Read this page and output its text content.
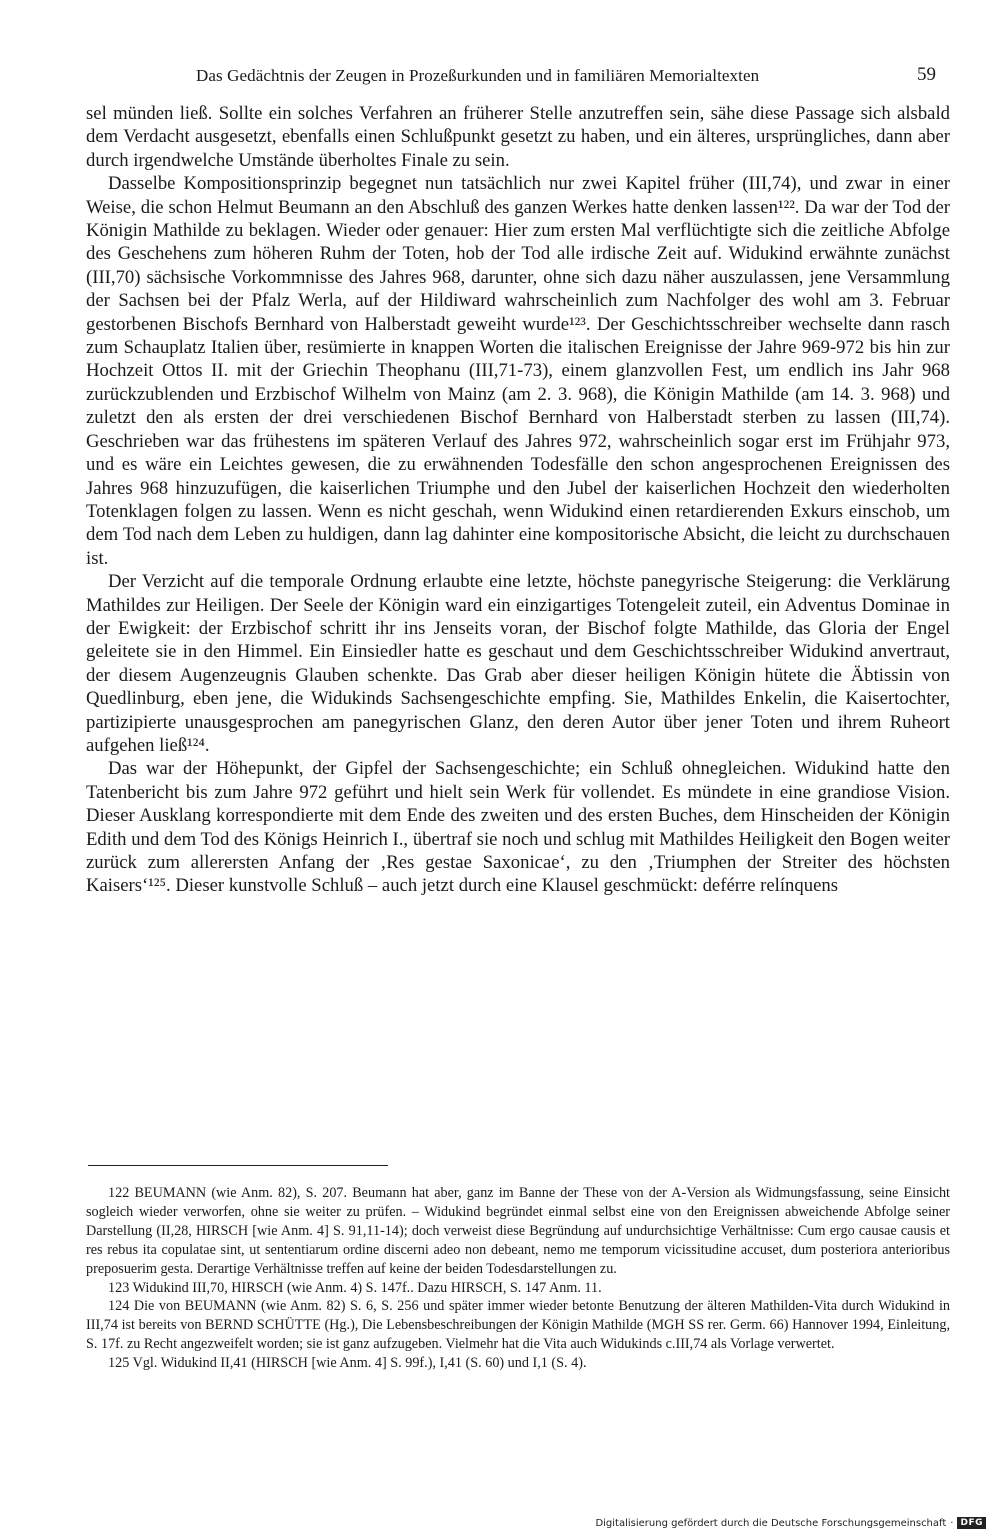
Das Gedächtnis der Zeugen in Prozeßurkunden und in familiären Memorialtexten	59

sel münden ließ. Sollte ein solches Verfahren an früherer Stelle anzutreffen sein, sähe diese Passage sich alsbald dem Verdacht ausgesetzt, ebenfalls einen Schlußpunkt gesetzt zu haben, und ein älteres, ursprüngliches, dann aber durch irgendwelche Umstände überholtes Finale zu sein.

Dasselbe Kompositionsprinzip begegnet nun tatsächlich nur zwei Kapitel früher (III,74), und zwar in einer Weise, die schon Helmut Beumann an den Abschluß des ganzen Werkes hatte denken lassen¹²². Da war der Tod der Königin Mathilde zu beklagen. Wieder oder genauer: Hier zum ersten Mal verflüchtigte sich die zeitliche Abfolge des Geschehens zum höheren Ruhm der Toten, hob der Tod alle irdische Zeit auf. Widukind erwähnte zunächst (III,70) sächsische Vorkommnisse des Jahres 968, darunter, ohne sich dazu näher auszulassen, jene Versammlung der Sachsen bei der Pfalz Werla, auf der Hildiward wahrscheinlich zum Nachfolger des wohl am 3. Februar gestorbenen Bischofs Bernhard von Halberstadt geweiht wurde¹²³. Der Geschichtsschreiber wechselte dann rasch zum Schauplatz Italien über, resümierte in knappen Worten die italischen Ereignisse der Jahre 969-972 bis hin zur Hochzeit Ottos II. mit der Griechin Theophanu (III,71-73), einem glanzvollen Fest, um endlich ins Jahr 968 zurückzublenden und Erzbischof Wilhelm von Mainz (am 2. 3. 968), die Königin Mathilde (am 14. 3. 968) und zuletzt den als ersten der drei verschiedenen Bischof Bernhard von Halberstadt sterben zu lassen (III,74). Geschrieben war das frühestens im späteren Verlauf des Jahres 972, wahrscheinlich sogar erst im Frühjahr 973, und es wäre ein Leichtes gewesen, die zu erwähnenden Todesfälle den schon angesprochenen Ereignissen des Jahres 968 hinzuzufügen, die kaiserlichen Triumphe und den Jubel der kaiserlichen Hochzeit den wiederholten Totenklagen folgen zu lassen. Wenn es nicht geschah, wenn Widukind einen retardierenden Exkurs einschob, um dem Tod nach dem Leben zu huldigen, dann lag dahinter eine kompositorische Absicht, die leicht zu durchschauen ist.

Der Verzicht auf die temporale Ordnung erlaubte eine letzte, höchste panegyrische Steigerung: die Verklärung Mathildes zur Heiligen. Der Seele der Königin ward ein einzigartiges Totengeleit zuteil, ein Adventus Dominae in der Ewigkeit: der Erzbischof schritt ihr ins Jenseits voran, der Bischof folgte Mathilde, das Gloria der Engel geleitete sie in den Himmel. Ein Einsiedler hatte es geschaut und dem Geschichtsschreiber Widukind anvertraut, der diesem Augenzeugnis Glauben schenkte. Das Grab aber dieser heiligen Königin hütete die Äbtissin von Quedlinburg, eben jene, die Widukinds Sachsengeschichte empfing. Sie, Mathildes Enkelin, die Kaisertochter, partizipierte unausgesprochen am panegyrischen Glanz, den deren Autor über jener Toten und ihrem Ruheort aufgehen ließ¹²⁴.

Das war der Höhepunkt, der Gipfel der Sachsengeschichte; ein Schluß ohnegleichen. Widukind hatte den Tatenbericht bis zum Jahre 972 geführt und hielt sein Werk für vollendet. Es mündete in eine grandiose Vision. Dieser Ausklang korrespondierte mit dem Ende des zweiten und des ersten Buches, dem Hinscheiden der Königin Edith und dem Tod des Königs Heinrich I., übertraf sie noch und schlug mit Mathildes Heiligkeit den Bogen weiter zurück zum allerersten Anfang der ‚Res gestae Saxonicae‘, zu den ‚Triumphen der Streiter des höchsten Kaisers‘¹²⁵. Dieser kunstvolle Schluß – auch jetzt durch eine Klausel geschmückt: deférre relínquens

122 BEUMANN (wie Anm. 82), S. 207. Beumann hat aber, ganz im Banne der These von der A-Version als Widmungsfassung, seine Einsicht sogleich wieder verworfen, ohne sie weiter zu prüfen. – Widukind begründet einmal selbst eine von den Ereignissen abweichende Abfolge seiner Darstellung (II,28, HIRSCH [wie Anm. 4] S. 91,11-14); doch verweist diese Begründung auf undurchsichtige Verhältnisse: Cum ergo causae causis et res rebus ita copulatae sint, ut sententiarum ordine discerni adeo non debeant, nemo me temporum vicissitudine accuset, dum posteriora anterioribus preposuerim gesta. Derartige Verhältnisse treffen auf keine der beiden Todesdarstellungen zu.

123 Widukind III,70, HIRSCH (wie Anm. 4) S. 147f.. Dazu HIRSCH, S. 147 Anm. 11.

124 Die von BEUMANN (wie Anm. 82) S. 6, S. 256 und später immer wieder betonte Benutzung der älteren Mathilden-Vita durch Widukind in III,74 ist bereits von BERND SCHÜTTE (Hg.), Die Lebensbeschreibungen der Königin Mathilde (MGH SS rer. Germ. 66) Hannover 1994, Einleitung, S. 17f. zu Recht angezweifelt worden; sie ist ganz aufzugeben. Vielmehr hat die Vita auch Widukinds c.III,74 als Vorlage verwertet.

125 Vgl. Widukind II,41 (HIRSCH [wie Anm. 4] S. 99f.), I,41 (S. 60) und I,1 (S. 4).

Digitalisierung gefördert durch die Deutsche Forschungsgemeinschaft · DFG
